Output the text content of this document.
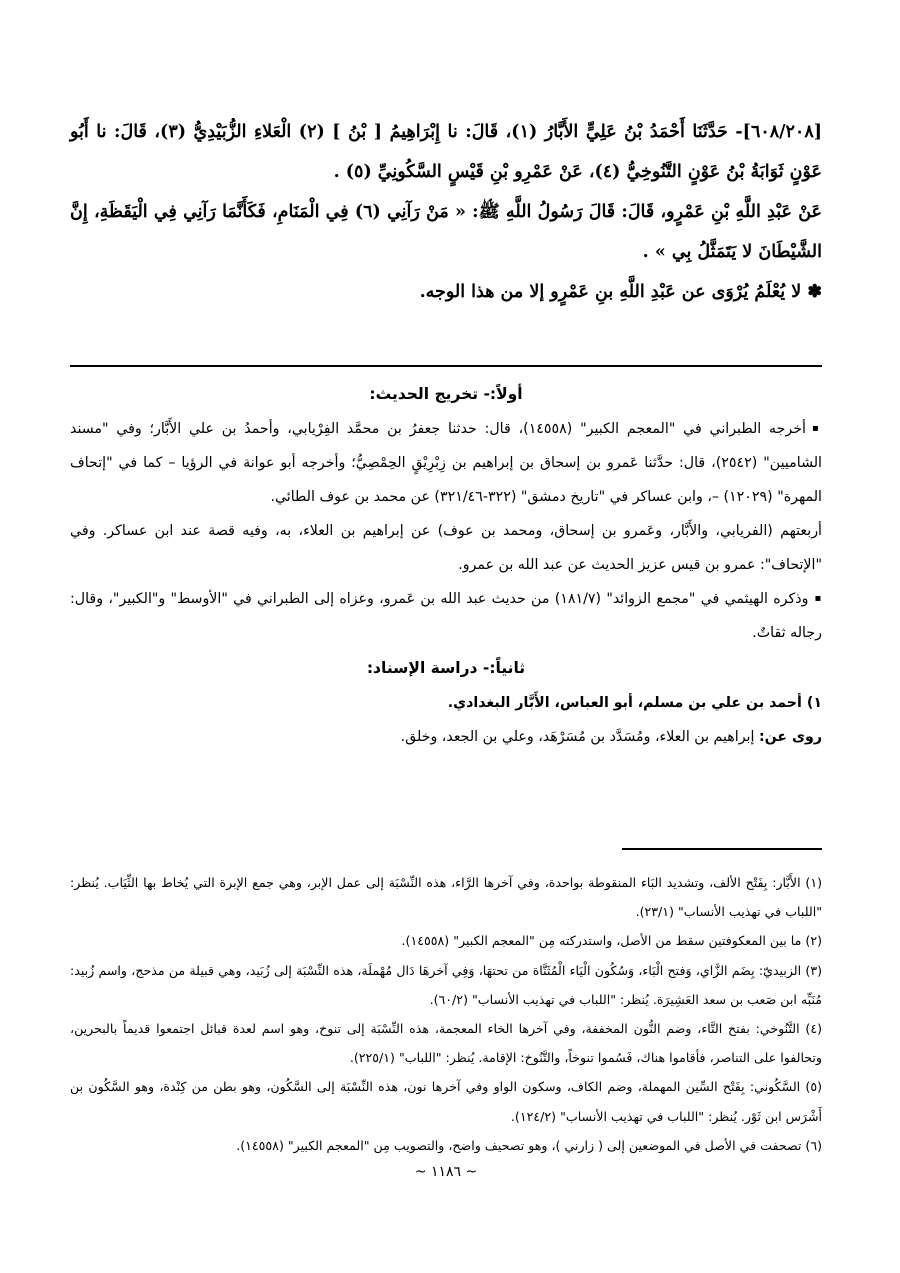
[٦٠٨/٢٠٨]- حَدَّثَنَا أَحْمَدُ بْنُ عَلِيٍّ الأَبَّارُ (١)، قَالَ: نا إِبْرَاهِيمُ [ بْنُ ] (٢) الْعَلاءِ الزُّبَيْدِيُّ (٣)، قَالَ: نا أَبُو عَوْنٍ ثَوَابَةُ بْنُ عَوْنٍ التَّنُوخِيُّ (٤)، عَنْ عَمْرِو بْنِ قَيْسٍ السَّكُونِيِّ (٥) .

عَنْ عَبْدِ اللَّهِ بْنِ عَمْرٍو، قَالَ: قَالَ رَسُولُ اللَّهِ ﷺ: « مَنْ رَآنِي (٦) فِي الْمَنَامِ، فَكَأَنَّمَا رَآنِي فِي الْيَقَظَةِ، إِنَّ الشَّيْطَانَ لا يَتَمَثَّلُ بِي » .

✽ لا يُعْلَمُ يُرْوَى عن عَبْدِ اللَّهِ بنِ عَمْرٍو إلا من هذا الوجه.

أولاً:- تخريج الحديث:

▪أخرجه الطبراني في "المعجم الكبير" (١٤٥٥٨)، قال: حدثنا جعفرُ بن محمَّد الفِرْيابي، وأحمدُ بن علي الأَبَّار؛ وفي "مسند الشاميين" (٢٥٤٢)، قال: حدَّثنا عَمرو بن إسحاق بن إبراهيم بن زِبْرِيْقٍ الحِمْصِيُّ؛ وأخرجه أبو عوانة في الرؤيا – كما في "إتحاف المهرة" (١٢٠٢٩) –، وابن عساكر في "تاريخ دمشق" (٣٢٢-٣٢١/٤٦) عن محمد بن عوف الطائي.

أربعتهم (الفريابي، والأَبَّار، وعَمرو بن إسحاق، ومحمد بن عوف) عن إبراهيم بن العلاء، به، وفيه قصة عند ابن عساكر. وفي "الإتحاف": عمرو بن قيس عزيز الحديث عن عبد الله بن عمرو.

▪وذكره الهيثمي في "مجمع الزوائد" (١٨١/٧) من حديث عبد الله بن عَمرو، وعزاه إلى الطبراني في "الأوسط" و"الكبير"، وقال: رجاله ثقاتٌ.

ثانياً:- دراسة الإسناد:

١) أحمد بن علي بن مسلم، أبو العباس، الأَبَّار البغدادي.

روى عن: إبراهيم بن العلاء، ومُسَدَّد بن مُسَرْهَد، وعلي بن الجعد، وخلق.

(١) الأَبَّار: بِفَتْح الألف، وتشديد البَاء المنقوطة بواحدة، وفي آخرها الرَّاء، هذه النِّسْبَة إلى عمل الإبر، وهي جمع الإبرة التي يُخاط بها الثِّيَاب. يُنظر: "اللباب في تهذيب الأنساب" (٢٣/١).

(٢) ما بين المعكوفتين سقط من الأصل، واستدركته مِن "المعجم الكبير" (١٤٥٥٨).

(٣) الزبيديّ: بِضَم الزَّاي، وَفتح الْبَاء، وَسُكُون الْيَاء الْمُثَنَّاة من تحتهَا، وَفِي آخرهَا دَال مُهْملَة، هذه النِّسْبَة إلى زُبَيد، وهي قبيلة من مذحج، واسم زُبيد: مُنَبِّه ابن صَعب بن سعد العَشِيرَة. يُنظر: "اللباب في تهذيب الأنساب" (٦٠/٢).

(٤) التَّنُوخي: بفتح التَّاء، وضم النُّون المخففة، وفي آخرها الخاء المعجمة، هذه النِّسْبَة إلى تنوخ، وهو اسم لعدة قبائل اجتمعوا قديماً بالبحرين، وتحالفوا على التناصر، فأقاموا هناك، فَسُموا تنوخاً، والتَّنُوخ: الإقامة. يُنظر: "اللباب" (٢٢٥/١).

(٥) السَّكُوني: بِفَتْح السِّين المهملة، وضم الكاف، وسكون الواو وفي آخرها نون، هذه النِّسْبَة إلى السَّكُون، وهو بطن من كِنْدة، وهو السَّكُون بن أَشْرَس ابن ثَوْر. يُنظر: "اللباب في تهذيب الأنساب" (١٢٤/٢).

(٦) تصحفت في الأصل في الموضعين إلى ( زارني )، وهو تصحيف واضح، والتصويب مِن "المعجم الكبير" (١٤٥٥٨).

~ ١١٨٦ ~
